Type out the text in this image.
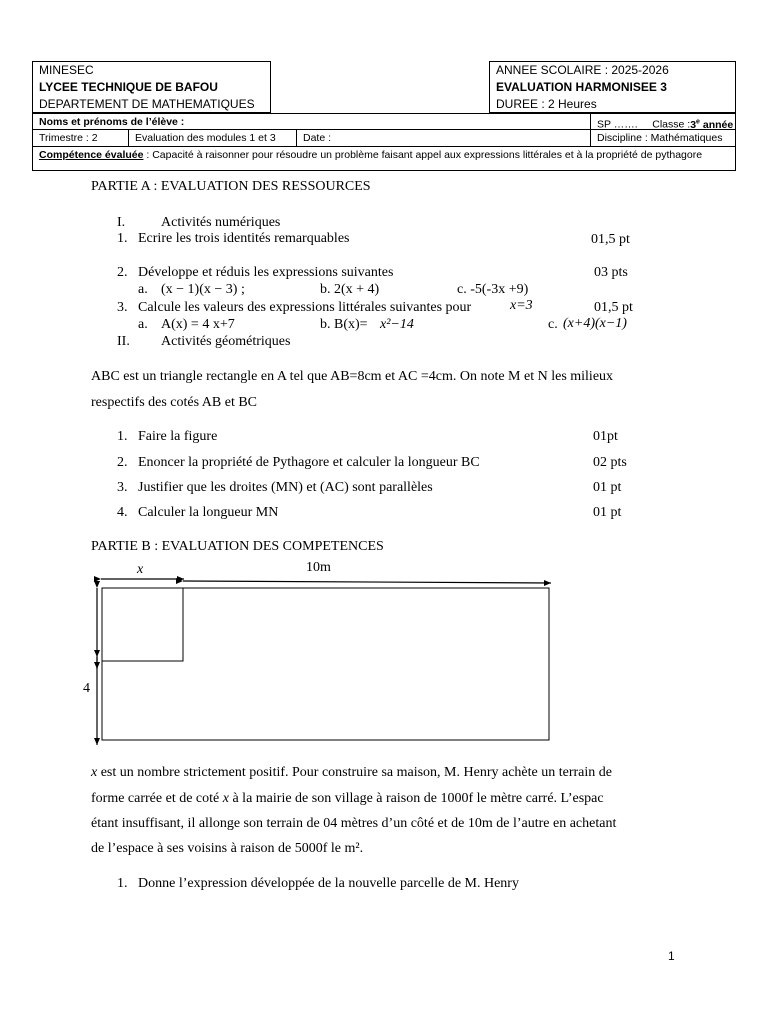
MINESEC
LYCEE TECHNIQUE DE BAFOU
DEPARTEMENT DE MATHEMATIQUES
ANNEE SCOLAIRE : 2025-2026
EVALUATION HARMONISEE 3
DUREE : 2 Heures
Noms et prénoms de l’élève :	SP ……. Classe :3e année
Trimestre : 2	Evaluation des modules 1 et 3	Date :	Discipline : Mathématiques
Compétence évaluée : Capacité à raisonner pour résoudre un problème faisant appel aux expressions littérales et à la propriété de pythagore
PARTIE A : EVALUATION DES RESSOURCES
I.	Activités numériques
1. Ecrire les trois identités remarquables	01,5 pt
2. Développe et réduis les expressions suivantes	03 pts
a. (x − 1)(x − 3) ;	b. 2(x + 4)	c. -5(-3x +9)
3. Calcule les valeurs des expressions littérales suivantes pour	x=3	01,5 pt
a. A(x) = 4 x+7	b. B(x)= x²−14	c. (x+4)(x−1)
II. Activités géométriques
ABC est un triangle rectangle en A tel que AB=8cm et AC =4cm. On note M et N les milieux
respectifs des cotés AB et BC
1. Faire la figure	01pt
2. Enoncer la propriété de Pythagore et calculer la longueur BC	02 pts
3. Justifier que les droites (MN) et (AC) sont parallèles	01 pt
4. Calculer la longueur MN	01 pt
PARTIE B : EVALUATION DES COMPETENCES
x	10m
4
x est un nombre strictement positif. Pour construire sa maison, M. Henry achète un terrain de
forme carrée et de coté x à la mairie de son village à raison de 1000f le mètre carré. L’espac
étant insuffisant, il allonge son terrain de 04 mètres d’un côté et de 10m de l’autre en achetant
de l’espace à ses voisins à raison de 5000f le m².
1. Donne l’expression développée de la nouvelle parcelle de M. Henry
1
